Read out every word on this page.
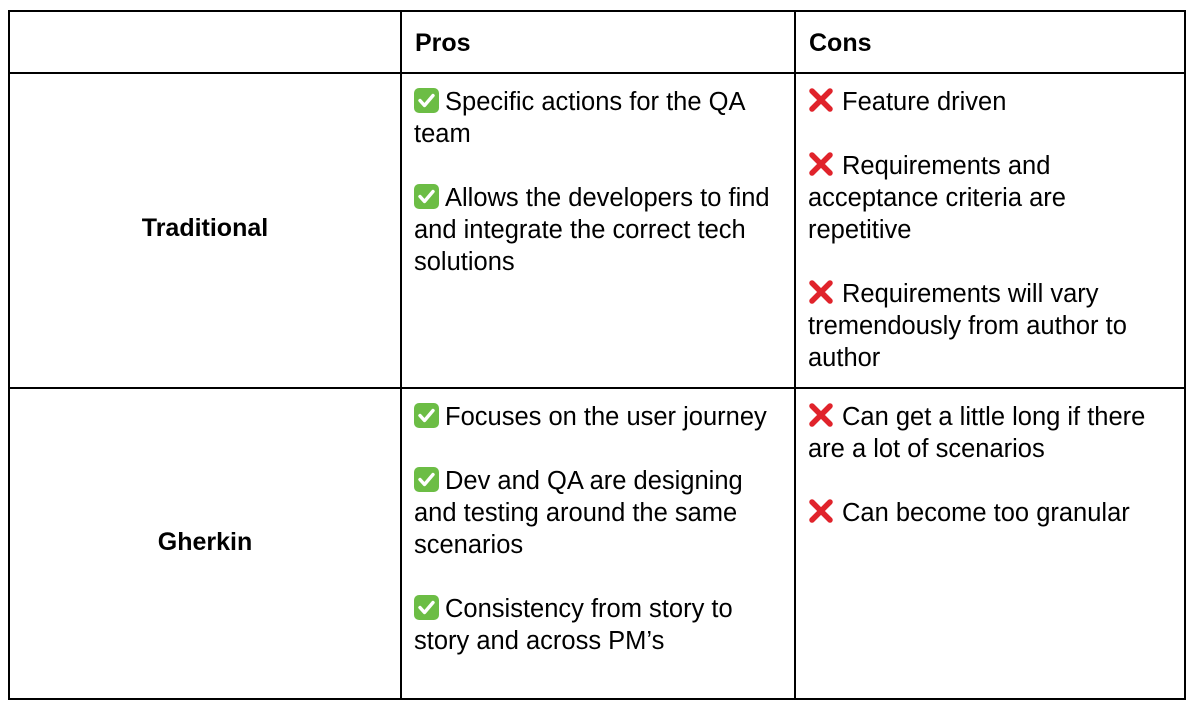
Pros	Cons
Traditional
Specific actions for the QA team
Allows the developers to find and integrate the correct tech solutions
Feature driven
Requirements and acceptance criteria are repetitive
Requirements will vary tremendously from author to author
Gherkin
Focuses on the user journey
Dev and QA are designing and testing around the same scenarios
Consistency from story to story and across PM’s
Can get a little long if there are a lot of scenarios
Can become too granular
